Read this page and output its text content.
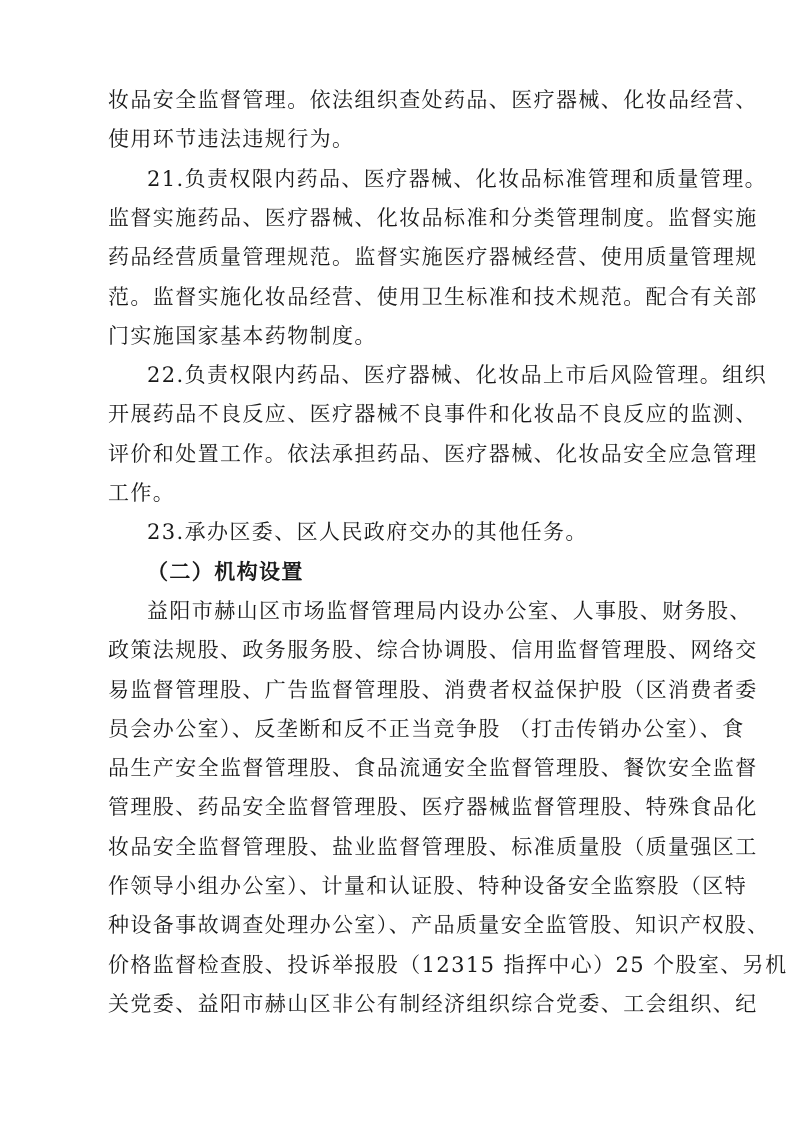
妆品安全监督管理。依法组织查处药品、医疗器械、化妆品经营、
使用环节违法违规行为。
21.负责权限内药品、医疗器械、化妆品标准管理和质量管理。
监督实施药品、医疗器械、化妆品标准和分类管理制度。监督实施
药品经营质量管理规范。监督实施医疗器械经营、使用质量管理规
范。监督实施化妆品经营、使用卫生标准和技术规范。配合有关部
门实施国家基本药物制度。
22.负责权限内药品、医疗器械、化妆品上市后风险管理。组织
开展药品不良反应、医疗器械不良事件和化妆品不良反应的监测、
评价和处置工作。依法承担药品、医疗器械、化妆品安全应急管理
工作。
23.承办区委、区人民政府交办的其他任务。
（二）机构设置
益阳市赫山区市场监督管理局内设办公室、人事股、财务股、
政策法规股、政务服务股、综合协调股、信用监督管理股、网络交
易监督管理股、广告监督管理股、消费者权益保护股（区消费者委
员会办公室）、反垄断和反不正当竞争股 （打击传销办公室）、食
品生产安全监督管理股、食品流通安全监督管理股、餐饮安全监督
管理股、药品安全监督管理股、医疗器械监督管理股、特殊食品化
妆品安全监督管理股、盐业监督管理股、标准质量股（质量强区工
作领导小组办公室）、计量和认证股、特种设备安全监察股（区特
种设备事故调查处理办公室）、产品质量安全监管股、知识产权股、
价格监督检查股、投诉举报股（12315 指挥中心）25 个股室、另机
关党委、益阳市赫山区非公有制经济组织综合党委、工会组织、纪
